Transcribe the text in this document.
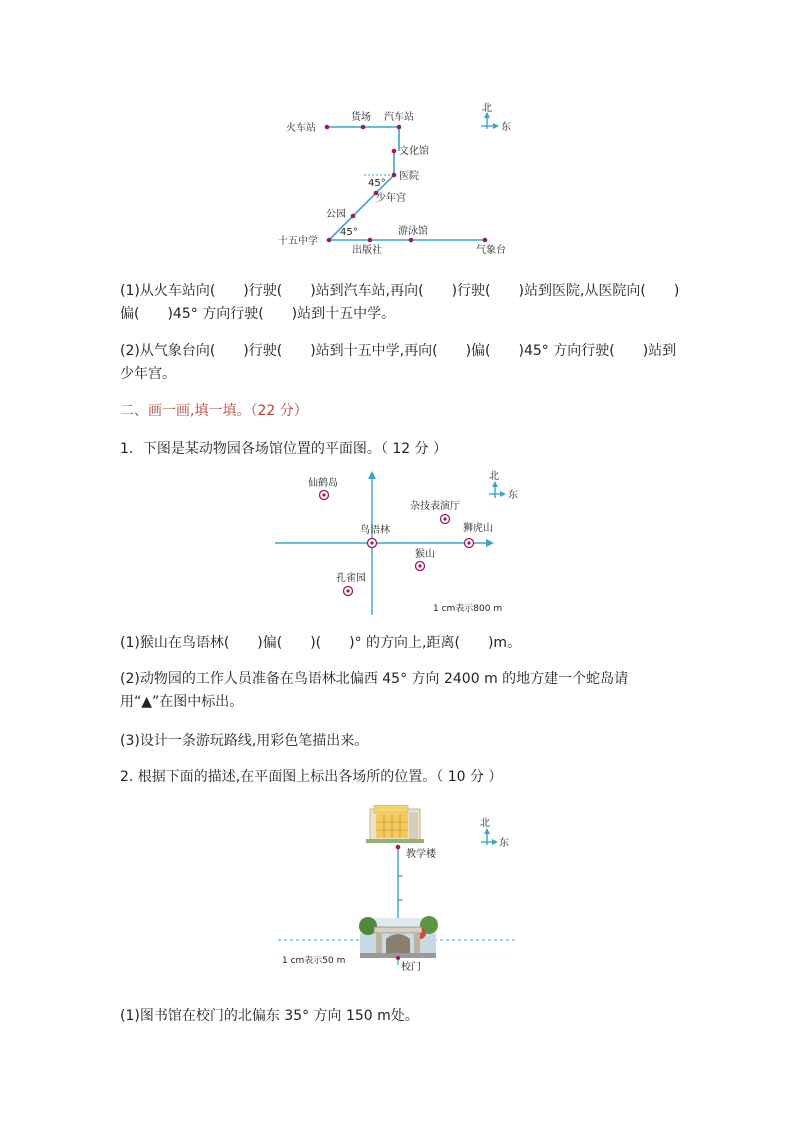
火车站
货场 汽车站
文化馆
医院
45°
少年宫
公园
45°
十五中学
出版社
游泳馆
气象台
北
东
(1)从火车站向(　　)行驶(　　)站到汽车站,再向(　　)行驶(　　)站到医院,从医院向(　　)偏(　　)45° 方向行驶(　　)站到十五中学。
(2)从气象台向(　　)行驶(　　)站到十五中学,再向(　　)偏(　　)45° 方向行驶(　　)站到少年宫。
二、画一画,填一填。（22 分）
1．下图是某动物园各场馆位置的平面图。（ 12 分 ）
仙鹤岛
杂技表演厅
鸟语林	狮虎山
猴山
孔雀园
1 cm表示800 m
北
东
(1)猴山在鸟语林(　　)偏(　　)(　　)° 的方向上,距离(　　)m。
(2)动物园的工作人员准备在鸟语林北偏西 45° 方向 2400 m 的地方建一个蛇岛请用“▲”在图中标出。
(3)设计一条游玩路线,用彩色笔描出来。
2. 根据下面的描述,在平面图上标出各场所的位置。（ 10 分 ）
教学楼
校门
1 cm表示50 m
北
东
(1)图书馆在校门的北偏东 35° 方向 150 m处。
